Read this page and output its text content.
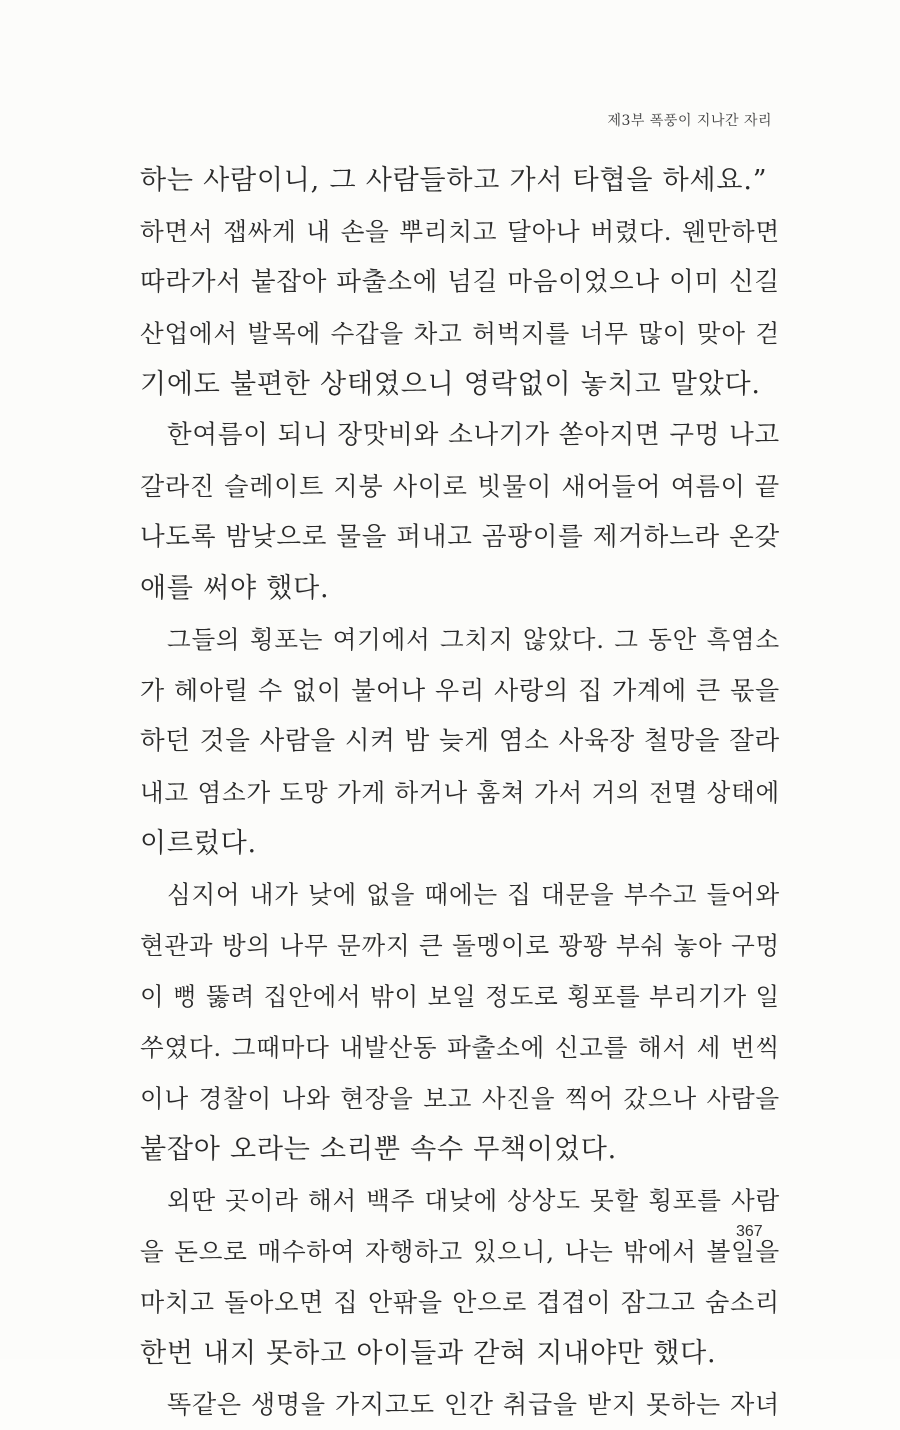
제3부 폭풍이 지나간 자리
하는 사람이니, 그 사람들하고 가서 타협을 하세요.”
하면서 잽싸게 내 손을 뿌리치고 달아나 버렸다. 웬만하면
따라가서 붙잡아 파출소에 넘길 마음이었으나 이미 신길
산업에서 발목에 수갑을 차고 허벅지를 너무 많이 맞아 걷
기에도 불편한 상태였으니 영락없이 놓치고 말았다.
한여름이 되니 장맛비와 소나기가 쏟아지면 구멍 나고
갈라진 슬레이트 지붕 사이로 빗물이 새어들어 여름이 끝
나도록 밤낮으로 물을 퍼내고 곰팡이를 제거하느라 온갖
애를 써야 했다.
그들의 횡포는 여기에서 그치지 않았다. 그 동안 흑염소
가 헤아릴 수 없이 불어나 우리 사랑의 집 가계에 큰 몫을
하던 것을 사람을 시켜 밤 늦게 염소 사육장 철망을 잘라
내고 염소가 도망 가게 하거나 훔쳐 가서 거의 전멸 상태에
이르렀다.
심지어 내가 낮에 없을 때에는 집 대문을 부수고 들어와
현관과 방의 나무 문까지 큰 돌멩이로 꽝꽝 부숴 놓아 구멍
이 뻥 뚫려 집안에서 밖이 보일 정도로 횡포를 부리기가 일
쑤였다. 그때마다 내발산동 파출소에 신고를 해서 세 번씩
이나 경찰이 나와 현장을 보고 사진을 찍어 갔으나 사람을
붙잡아 오라는 소리뿐 속수 무책이었다.
외딴 곳이라 해서 백주 대낮에 상상도 못할 횡포를 사람
을 돈으로 매수하여 자행하고 있으니, 나는 밖에서 볼일을
마치고 돌아오면 집 안팎을 안으로 겹겹이 잠그고 숨소리
한번 내지 못하고 아이들과 갇혀 지내야만 했다.
똑같은 생명을 가지고도 인간 취급을 받지 못하는 자녀
367
